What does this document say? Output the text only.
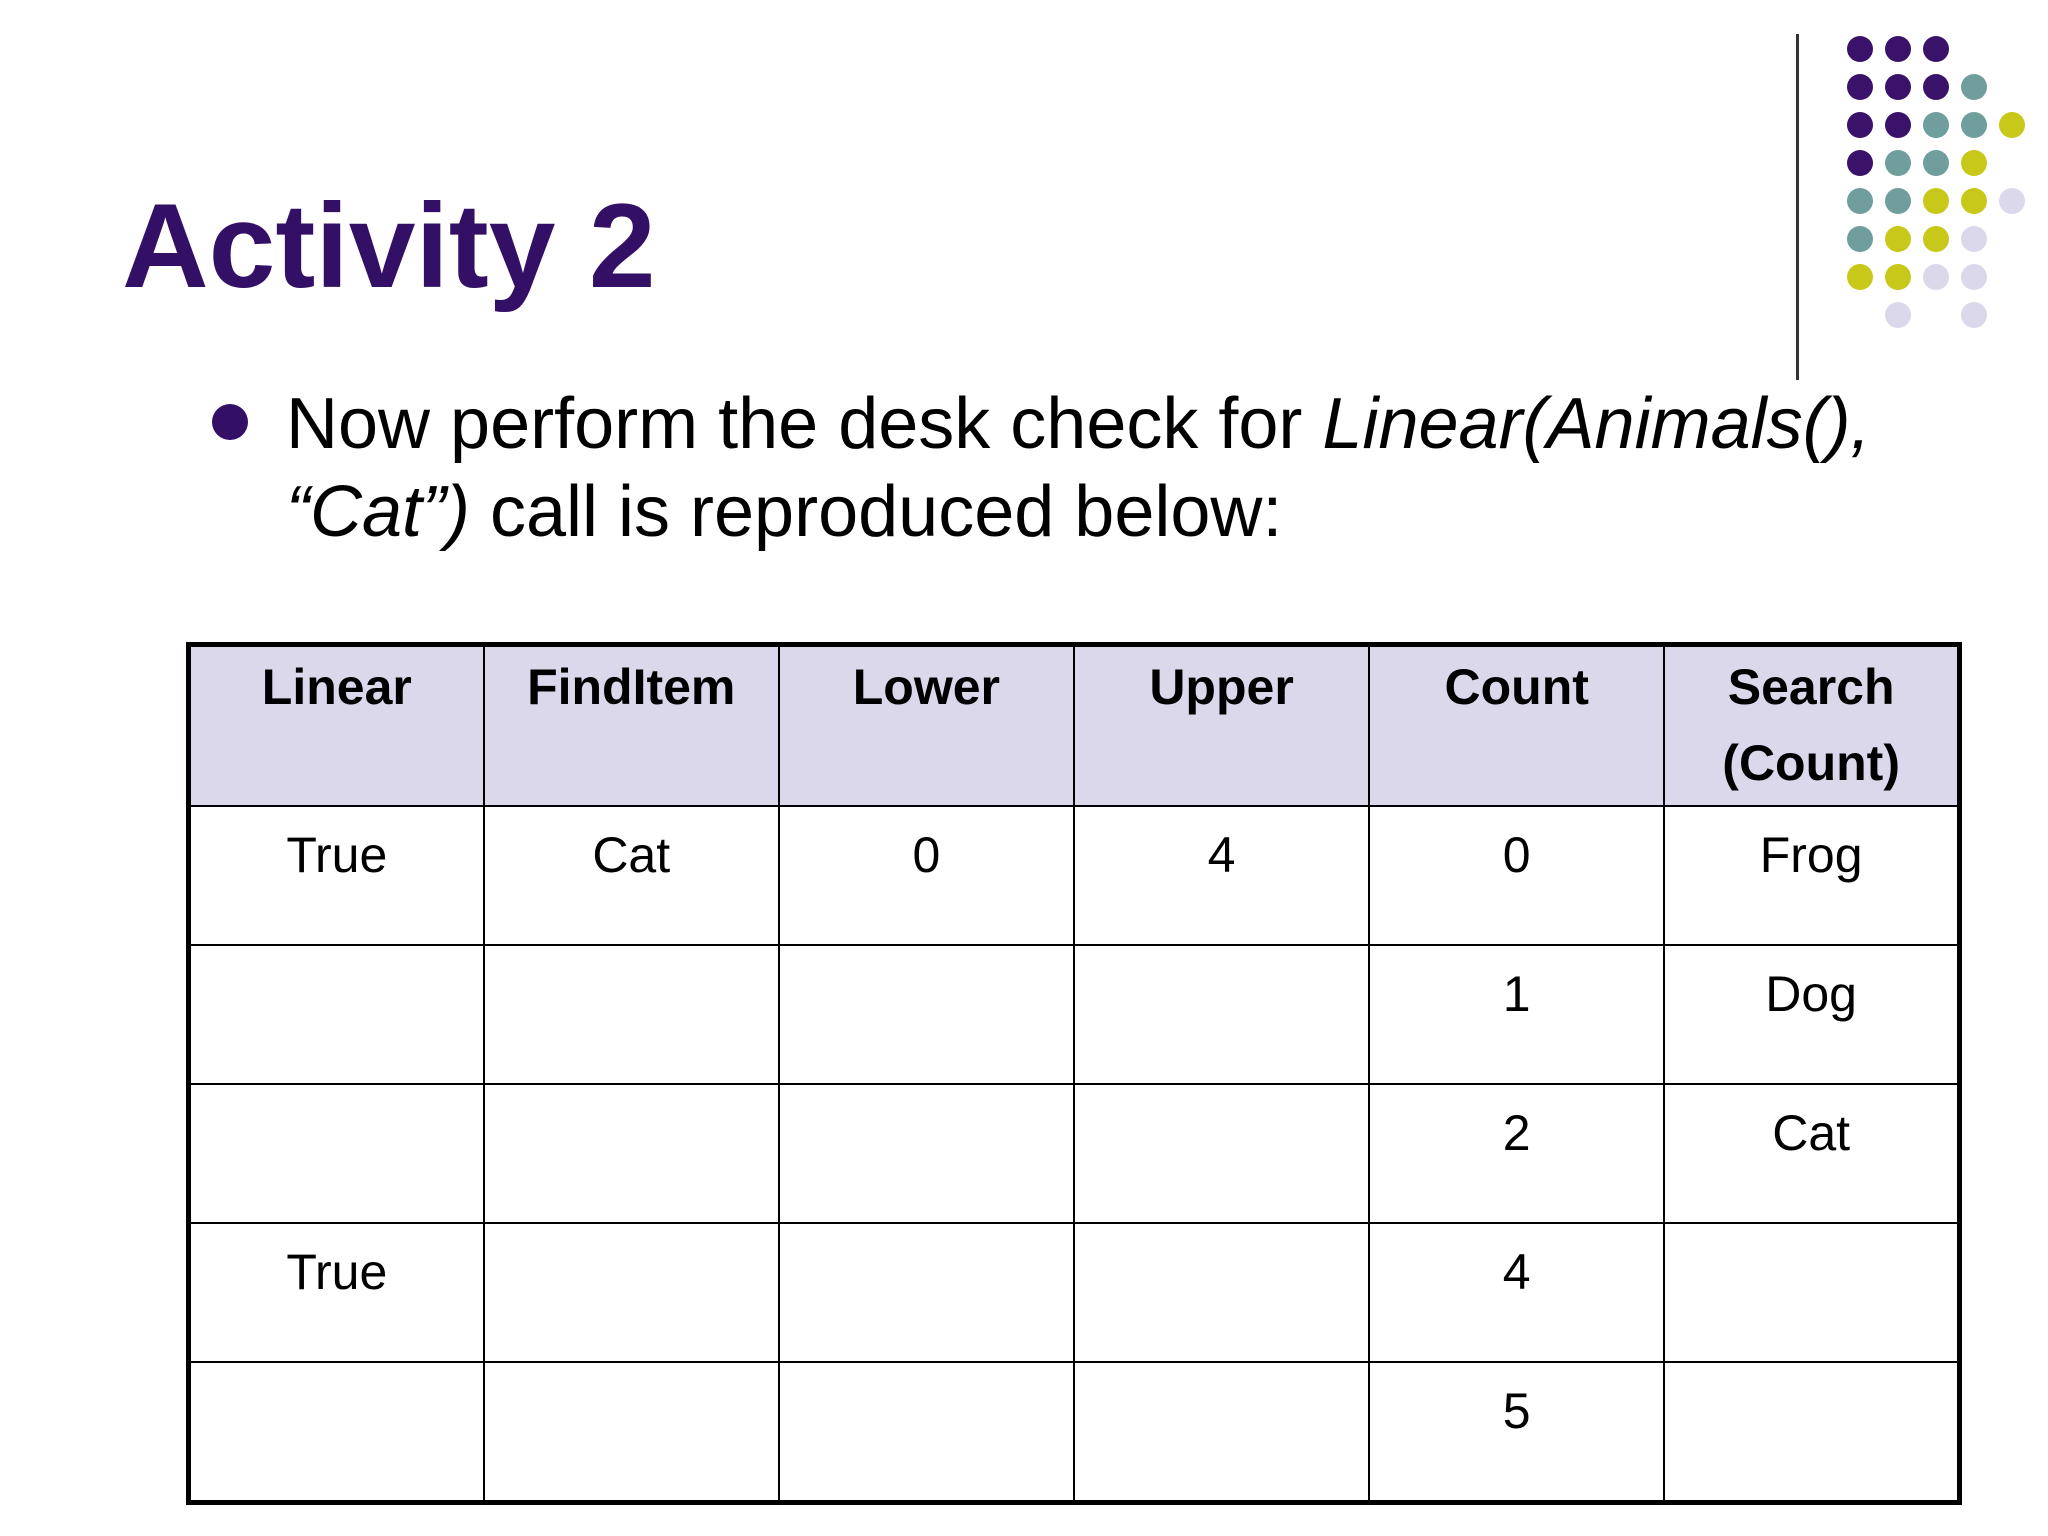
Activity 2
Now perform the desk check for Linear(Animals(), “Cat”) call is reproduced below:
Linear	FindItem	Lower	Upper	Count	Search
(Count)
True	Cat	0	4	0	Frog
				1	Dog
				2	Cat
True				4	
				5	
